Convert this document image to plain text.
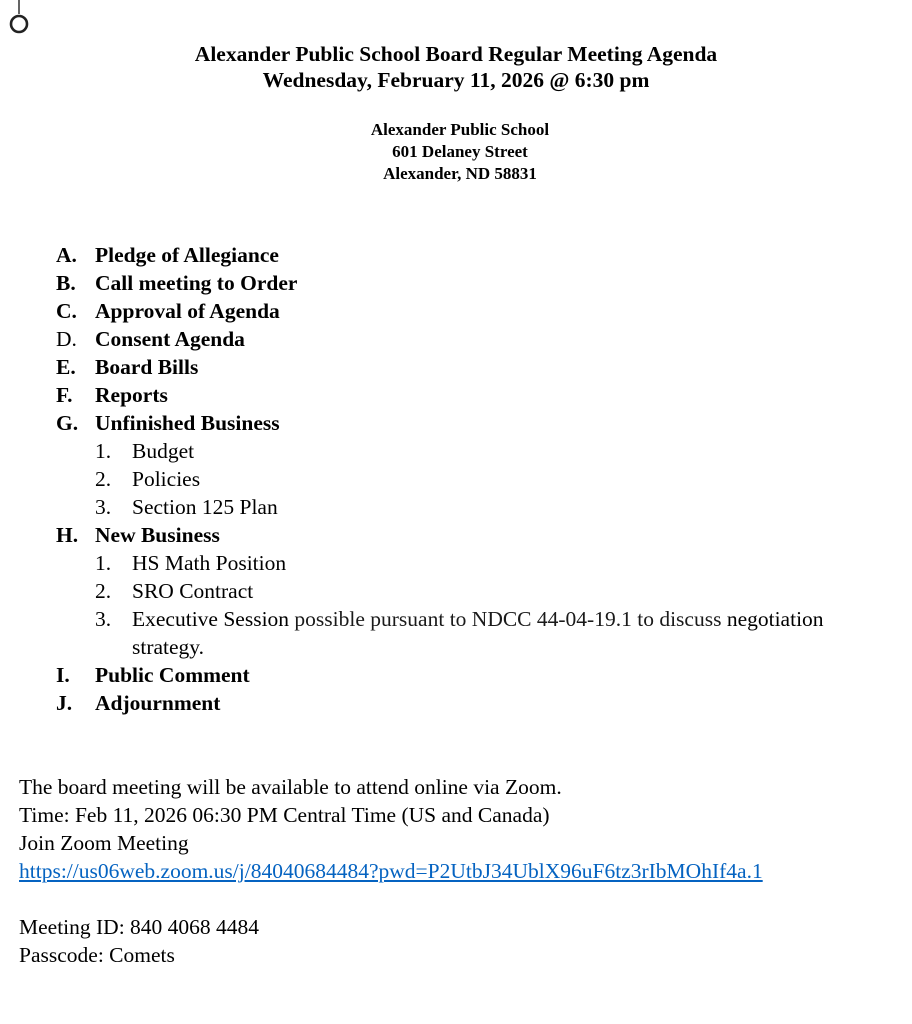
Alexander Public School Board Regular Meeting Agenda
Wednesday, February 11, 2026 @ 6:30 pm
Alexander Public School
601 Delaney Street
Alexander, ND 58831
A. Pledge of Allegiance
B. Call meeting to Order
C. Approval of Agenda
D. Consent Agenda
E. Board Bills
F. Reports
G. Unfinished Business
1. Budget
2. Policies
3. Section 125 Plan
H. New Business
1. HS Math Position
2. SRO Contract
3. Executive Session possible pursuant to NDCC 44-04-19.1 to discuss negotiation
strategy.
I. Public Comment
J. Adjournment
The board meeting will be available to attend online via Zoom.
Time: Feb 11, 2026 06:30 PM Central Time (US and Canada)
Join Zoom Meeting
https://us06web.zoom.us/j/84040684484?pwd=P2UtbJ34UblX96uF6tz3rIbMOhIf4a.1
Meeting ID: 840 4068 4484
Passcode: Comets
